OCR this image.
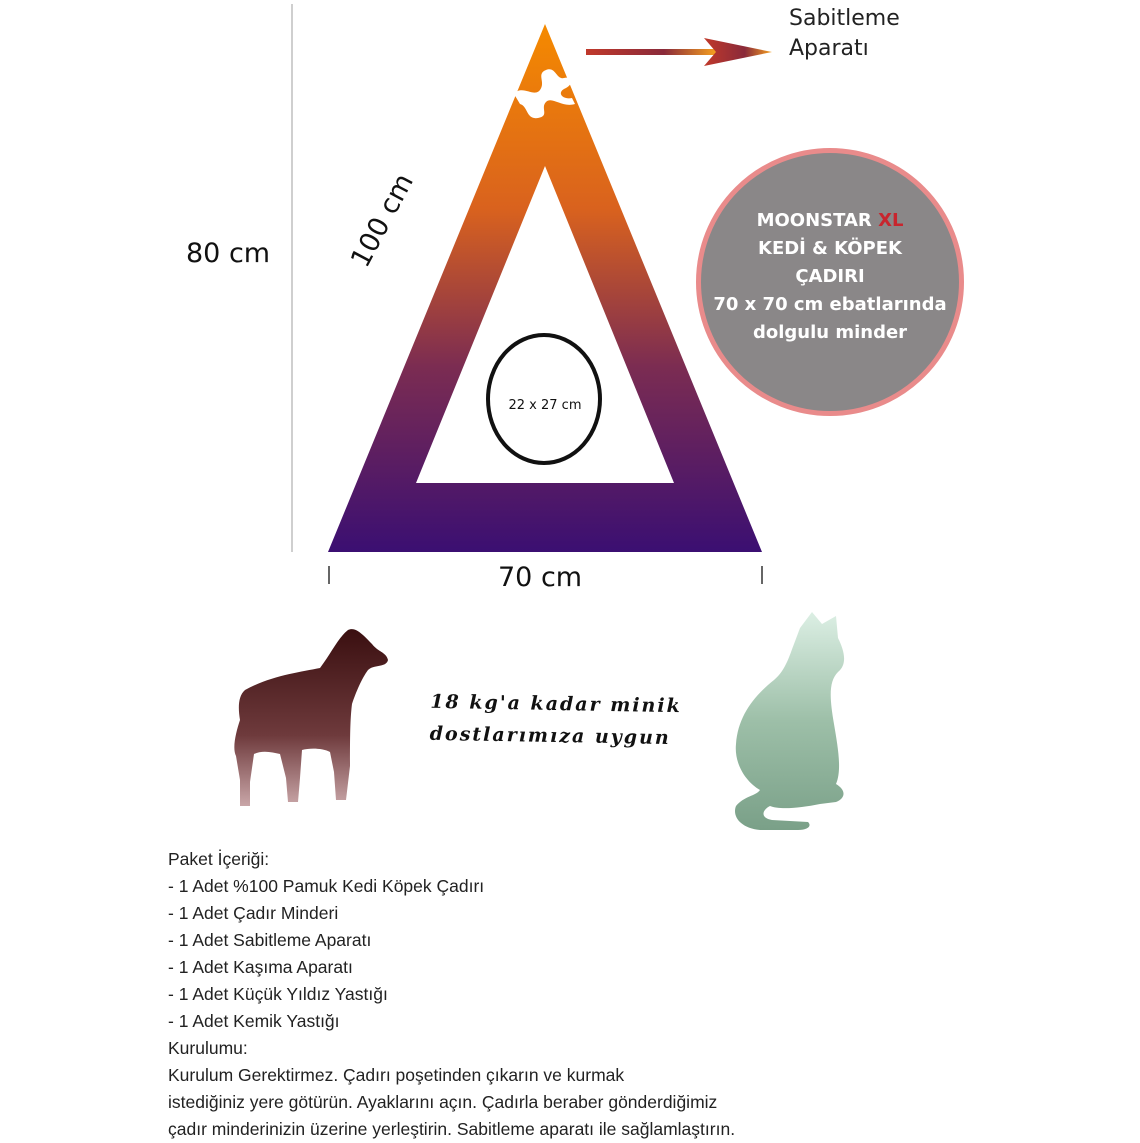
80 cm	100 cm
70 cm
22 x 27 cm
Sabitleme
Aparatı
MOONSTAR XL
KEDİ & KÖPEK
ÇADIRI
70 x 70 cm ebatlarında
dolgulu minder
18 kg'a kadar minik
dostlarımıza uygun
Paket İçeriği:
- 1 Adet %100 Pamuk Kedi Köpek Çadırı
- 1 Adet Çadır Minderi
- 1 Adet Sabitleme Aparatı
- 1 Adet Kaşıma Aparatı
- 1 Adet Küçük Yıldız Yastığı
- 1 Adet Kemik Yastığı
Kurulumu:
Kurulum Gerektirmez. Çadırı poşetinden çıkarın ve kurmak
istediğiniz yere götürün. Ayaklarını açın. Çadırla beraber gönderdiğimiz
çadır minderinizin üzerine yerleştirin. Sabitleme aparatı ile sağlamlaştırın.
